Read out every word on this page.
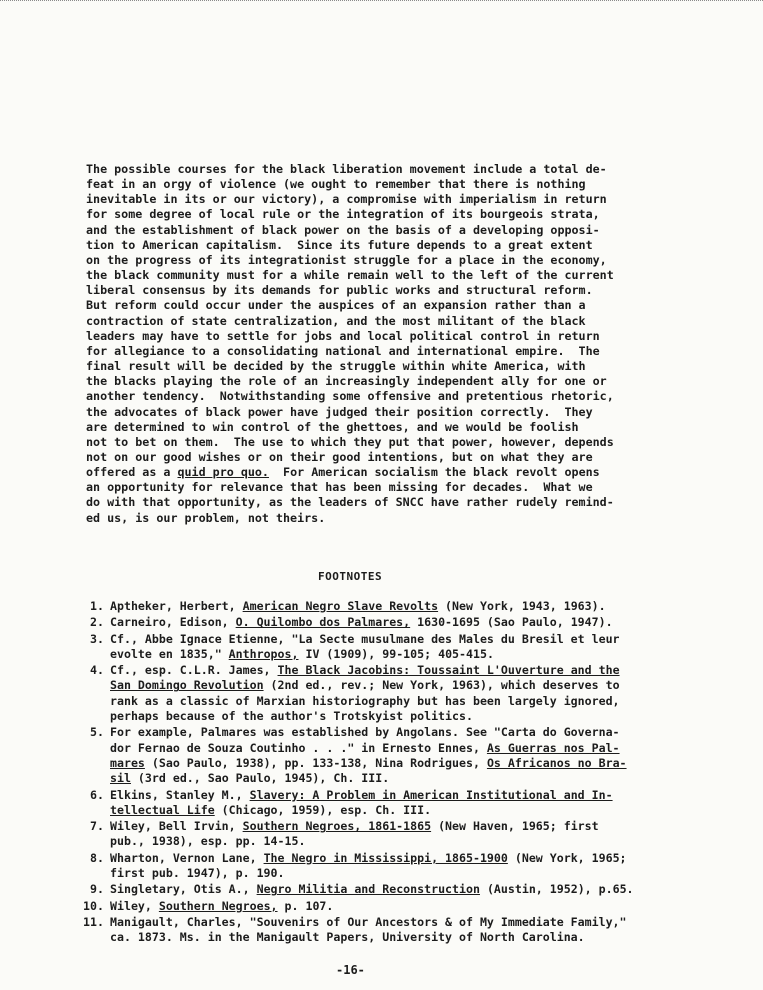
The possible courses for the black liberation movement include a total de-
feat in an orgy of violence (we ought to remember that there is nothing
inevitable in its or our victory), a compromise with imperialism in return
for some degree of local rule or the integration of its bourgeois strata,
and the establishment of black power on the basis of a developing opposi-
tion to American capitalism.  Since its future depends to a great extent
on the progress of its integrationist struggle for a place in the economy,
the black community must for a while remain well to the left of the current
liberal consensus by its demands for public works and structural reform.
But reform could occur under the auspices of an expansion rather than a
contraction of state centralization, and the most militant of the black
leaders may have to settle for jobs and local political control in return
for allegiance to a consolidating national and international empire.  The
final result will be decided by the struggle within white America, with
the blacks playing the role of an increasingly independent ally for one or
another tendency.  Notwithstanding some offensive and pretentious rhetoric,
the advocates of black power have judged their position correctly.  They
are determined to win control of the ghettoes, and we would be foolish
not to bet on them.  The use to which they put that power, however, depends
not on our good wishes or on their good intentions, but on what they are
offered as a quid pro quo. For American socialism the black revolt opens
an opportunity for relevance that has been missing for decades.  What we
do with that opportunity, as the leaders of SNCC have rather rudely remind-
ed us, is our problem, not theirs.
FOOTNOTES
1. Aptheker, Herbert, American Negro Slave Revolts (New York, 1943, 1963).
2. Carneiro, Edison, O. Quilombo dos Palmares, 1630-1695 (Sao Paulo, 1947).
3. Cf., Abbe Ignace Etienne, "La Secte musulmane des Males du Bresil et leur
evolte en 1835," Anthropos, IV (1909), 99-105; 405-415.
4. Cf., esp. C.L.R. James, The Black Jacobins: Toussaint L'Ouverture and the
San Domingo Revolution (2nd ed., rev.; New York, 1963), which deserves to
rank as a classic of Marxian historiography but has been largely ignored,
perhaps because of the author's Trotskyist politics.
5. For example, Palmares was established by Angolans. See "Carta do Governa-
dor Fernao de Souza Coutinho . . ." in Ernesto Ennes, As Guerras nos Pal-
mares (Sao Paulo, 1938), pp. 133-138, Nina Rodrigues, Os Africanos no Bra-
sil (3rd ed., Sao Paulo, 1945), Ch. III.
6. Elkins, Stanley M., Slavery: A Problem in American Institutional and In-
tellectual Life (Chicago, 1959), esp. Ch. III.
7. Wiley, Bell Irvin, Southern Negroes, 1861-1865 (New Haven, 1965; first
pub., 1938), esp. pp. 14-15.
8. Wharton, Vernon Lane, The Negro in Mississippi, 1865-1900 (New York, 1965;
first pub. 1947), p. 190.
9. Singletary, Otis A., Negro Militia and Reconstruction (Austin, 1952), p.65.
10. Wiley, Southern Negroes, p. 107.
11. Manigault, Charles, "Souvenirs of Our Ancestors & of My Immediate Family,"
ca. 1873. Ms. in the Manigault Papers, University of North Carolina.
-16-
